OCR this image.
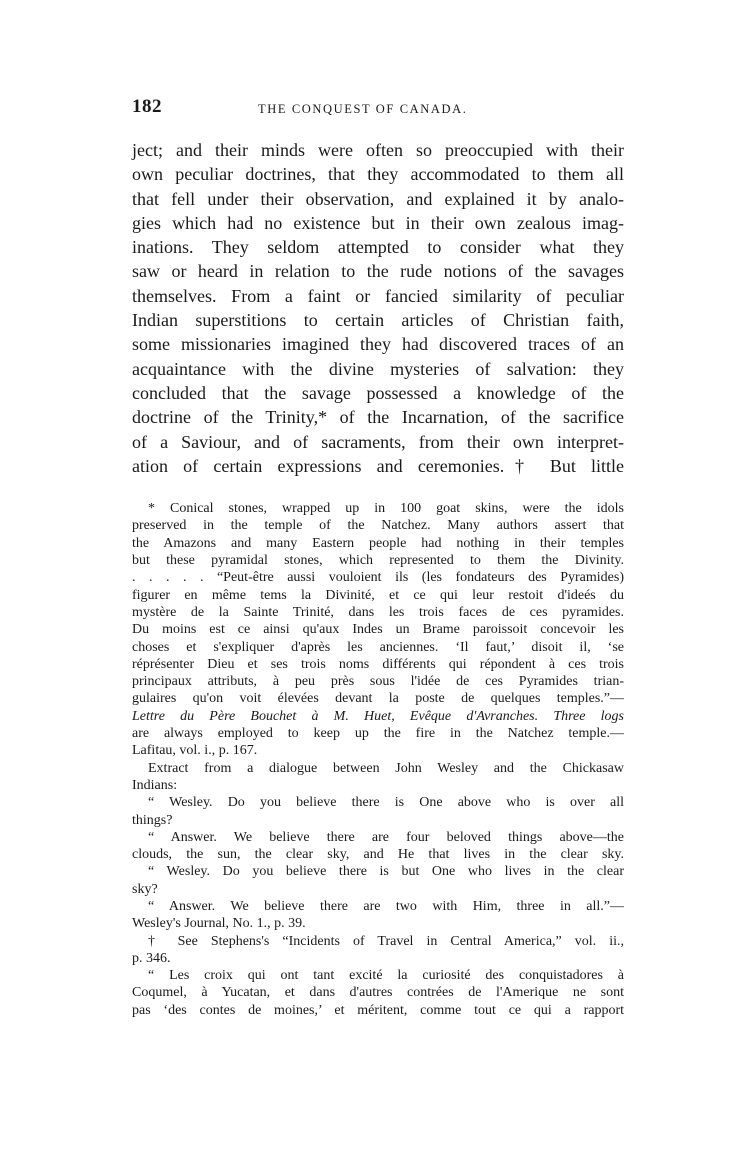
182	THE CONQUEST OF CANADA.
ject; and their minds were often so preoccupied with their
own peculiar doctrines, that they accommodated to them all
that fell under their observation, and explained it by analo-
gies which had no existence but in their own zealous imag-
inations. They seldom attempted to consider what they
saw or heard in relation to the rude notions of the savages
themselves. From a faint or fancied similarity of peculiar
Indian superstitions to certain articles of Christian faith,
some missionaries imagined they had discovered traces of an
acquaintance with the divine mysteries of salvation: they
concluded that the savage possessed a knowledge of the
doctrine of the Trinity,* of the Incarnation, of the sacrifice
of a Saviour, and of sacraments, from their own interpret-
ation of certain expressions and ceremonies.† But little
* Conical stones, wrapped up in 100 goat skins, were the idols
preserved in the temple of the Natchez. Many authors assert that
the Amazons and many Eastern people had nothing in their temples
but these pyramidal stones, which represented to them the Divinity.
. . . . . “Peut-être aussi vouloient ils (les fondateurs des Pyramides)
figurer en même tems la Divinité, et ce qui leur restoit d'ideés du
mystère de la Sainte Trinité, dans les trois faces de ces pyramides.
Du moins est ce ainsi qu'aux Indes un Brame paroissoit concevoir les
choses et s'expliquer d'après les anciennes. ‘Il faut,’ disoit il, ‘se
réprésenter Dieu et ses trois noms différents qui répondent à ces trois
principaux attributs, à peu près sous l'idée de ces Pyramides trian-
gulaires qu'on voit élevées devant la poste de quelques temples.”—
Lettre du Père Bouchet à M. Huet, Evêque d'Avranches. Three logs
are always employed to keep up the fire in the Natchez temple.—
Lafitau, vol. i., p. 167.
Extract from a dialogue between John Wesley and the Chickasaw
Indians:
“ Wesley. Do you believe there is One above who is over all
things?
“ Answer. We believe there are four beloved things above—the
clouds, the sun, the clear sky, and He that lives in the clear sky.
“ Wesley. Do you believe there is but One who lives in the clear
sky?
“ Answer. We believe there are two with Him, three in all.”—
Wesley's Journal, No. 1., p. 39.
† See Stephens's “Incidents of Travel in Central America,” vol. ii.,
p. 346.
“ Les croix qui ont tant excité la curiosité des conquistadores à
Coqumel, à Yucatan, et dans d'autres contrées de l'Amerique ne sont
pas ‘des contes de moines,’ et méritent, comme tout ce qui a rapport
